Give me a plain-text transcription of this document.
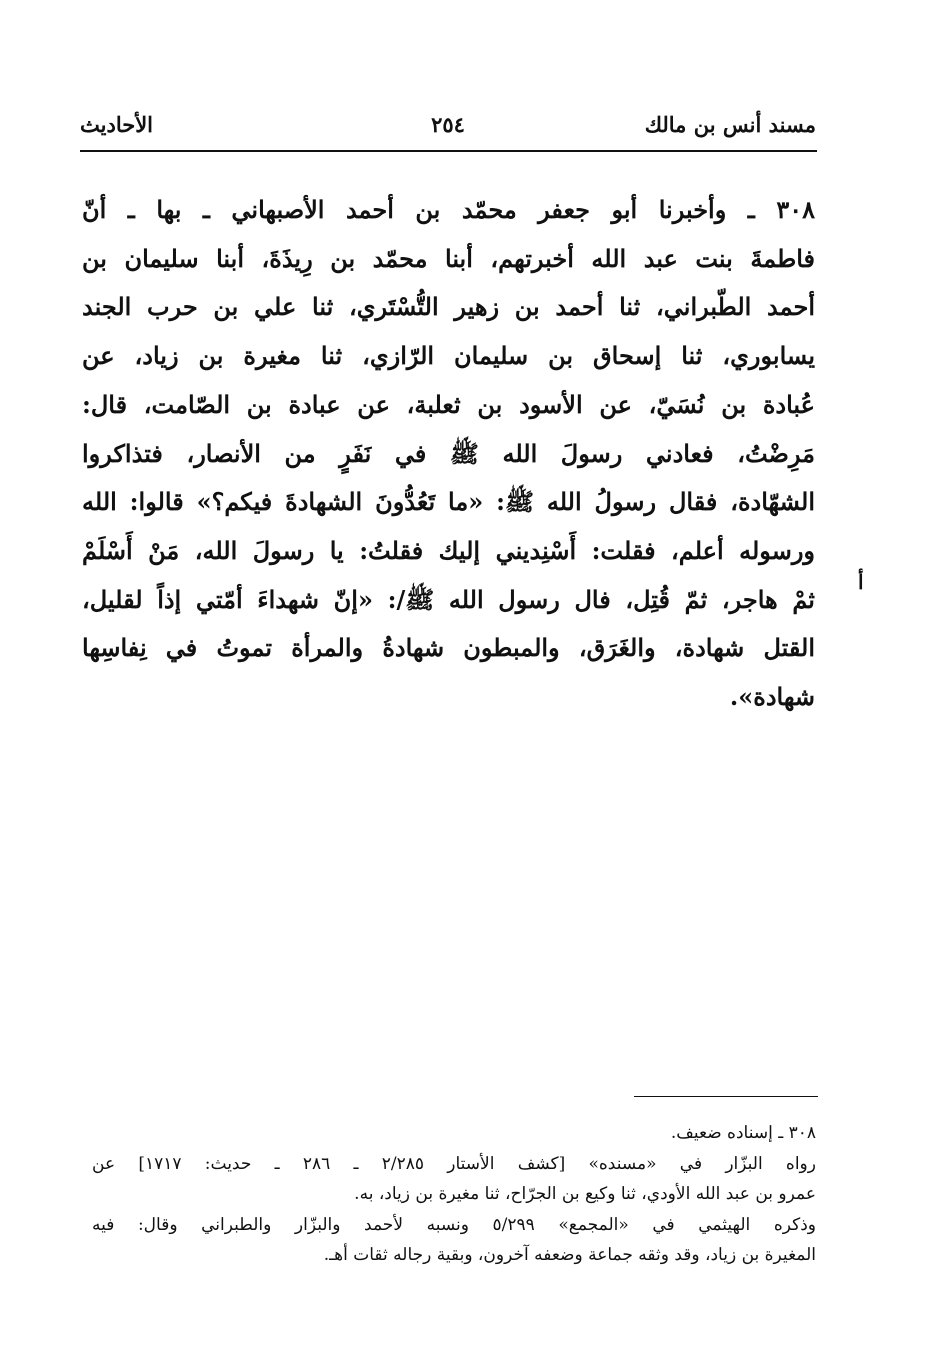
مسند أنس بن مالك
٢٥٤
الأحاديث
٣٠٨ ـ وأخبرنا أبو جعفر محمّد بن أحمد الأصبهاني ـ بها ـ أنّ
فاطمةَ بنت عبد الله أخبرتهم، أبنا محمّد بن رِيذَةَ، أبنا سليمان بن
أحمد الطّبراني، ثنا أحمد بن زهير التُّسْتَري، ثنا علي بن حرب الجند
يسابوري، ثنا إسحاق بن سليمان الرّازي، ثنا مغيرة بن زياد، عن
عُبادة بن نُسَيّ، عن الأسود بن ثعلبة، عن عبادة بن الصّامت، قال:
مَرِضْتُ، فعادني رسولَ الله ﷺ في نَفَرٍ من الأنصار، فتذاكروا
الشهّادة، فقال رسولُ الله ﷺ: «ما تَعُدُّونَ الشهادةَ فيكم؟» قالوا: الله
ورسوله أعلم، فقلت: أَسْنِديني إليك فقلتُ: يا رسولَ الله، مَنْ أَسْلَمْ
ثمْ هاجر، ثمّ قُتِل، فال رسول الله ﷺ/: «إنّ شهداءَ أمّتي إذاً لقليل،
القتل شهادة، والغَرَق، والمبطون شهادةُ والمرأة تموتُ في نِفاسِها
شهادة».
أ
٣٠٨ ـ إسناده ضعيف.
رواه البزّار في «مسنده» [كشف الأستار ٢/٢٨٥ ـ ٢٨٦ ـ حديث: ١٧١٧] عن
عمرو بن عبد الله الأودي، ثنا وكيع بن الجرّاح، ثنا مغيرة بن زياد، به.
وذكره الهيثمي في «المجمع» ٥/٢٩٩ ونسبه لأحمد والبزّار والطبراني وقال: فيه
المغيرة بن زياد، وقد وثقه جماعة وضعفه آخرون، وبقية رجاله ثقات أهـ.
